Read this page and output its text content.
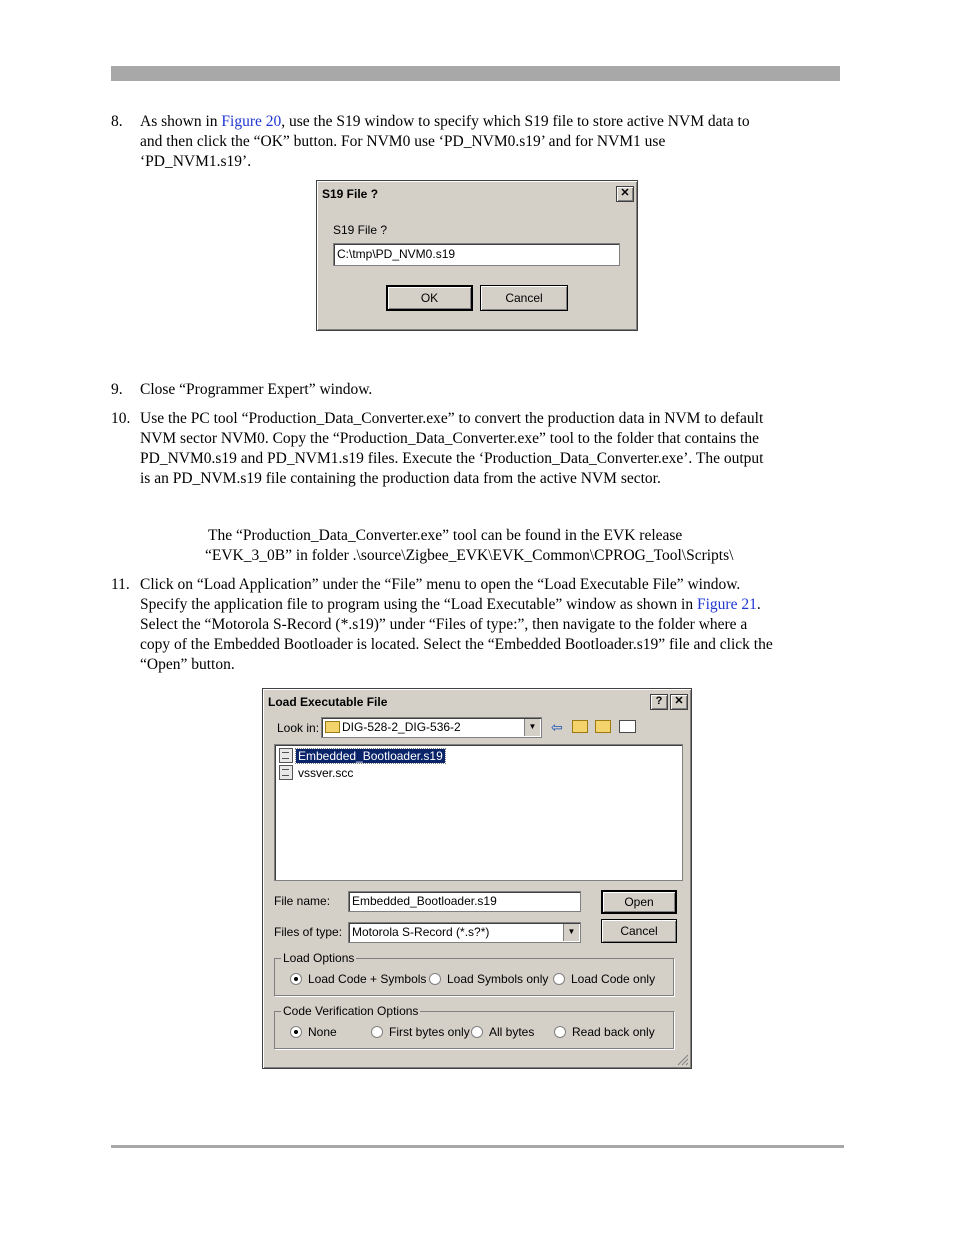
8. As shown in Figure 20, use the S19 window to specify which S19 file to store active NVM data to
and then click the “OK” button. For NVM0 use ‘PD_NVM0.s19’ and for NVM1 use
‘PD_NVM1.s19’.
S19 File ?	✕
S19 File ?
C:\tmp\PD_NVM0.s19
OK	Cancel
9. Close “Programmer Expert” window.
10. Use the PC tool “Production_Data_Converter.exe” to convert the production data in NVM to default
NVM sector NVM0. Copy the “Production_Data_Converter.exe” tool to the folder that contains the
PD_NVM0.s19 and PD_NVM1.s19 files. Execute the ‘Production_Data_Converter.exe’. The output
is an PD_NVM.s19 file containing the production data from the active NVM sector.
The “Production_Data_Converter.exe” tool can be found in the EVK release
“EVK_3_0B” in folder .\source\Zigbee_EVK\EVK_Common\CPROG_Tool\Scripts\
11. Click on “Load Application” under the “File” menu to open the “Load Executable File” window.
Specify the application file to program using the “Load Executable” window as shown in Figure 21.
Select the “Motorola S-Record (*.s19)” under “Files of type:”, then navigate to the folder where a
copy of the Embedded Bootloader is located. Select the “Embedded Bootloader.s19” file and click the
“Open” button.
Load Executable File	?	✕
Look in:	DIG-528-2_DIG-536-2	▼ ⇦
Embedded_Bootloader.s19
vssver.scc
File name:	Embedded_Bootloader.s19	Open
Files of type: Motorola S-Record (*.s?*)	▼	Cancel
Load Options
Load Code + Symbols Load Symbols only Load Code only
Code Verification Options
None	First bytes only All bytes	Read back only
